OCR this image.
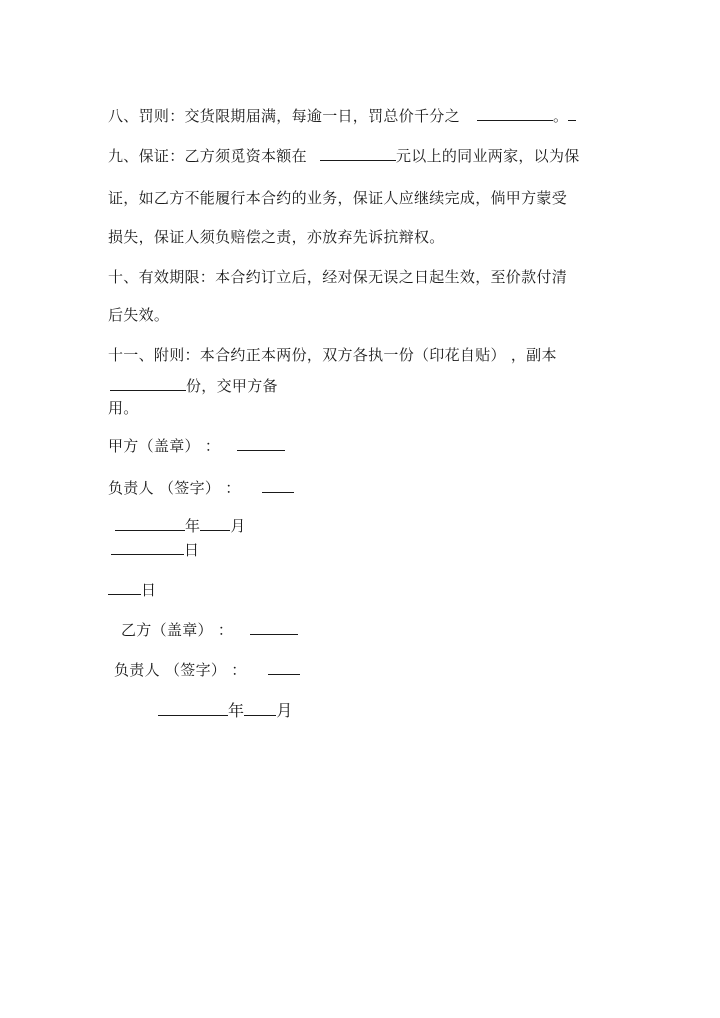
八、罚则：交货限期届满，每逾一日，罚总价千分之	。
九、保证：乙方须觅资本额在	元以上的同业两家，以为保
证，如乙方不能履行本合约的业务，保证人应继续完成，倘甲方蒙受
损失，保证人须负赔偿之责，亦放弃先诉抗辩权。
十、有效期限：本合约订立后，经对保无误之日起生效，至价款付清
后失效。
十一、附则：本合约正本两份，双方各执一份（印花自贴） ，副本
份，交甲方备
用。
甲方（盖章） ：
负责人 （签字） ：
年 月
日
日
乙方（盖章） ：
负责人 （签字） ：
年 月
